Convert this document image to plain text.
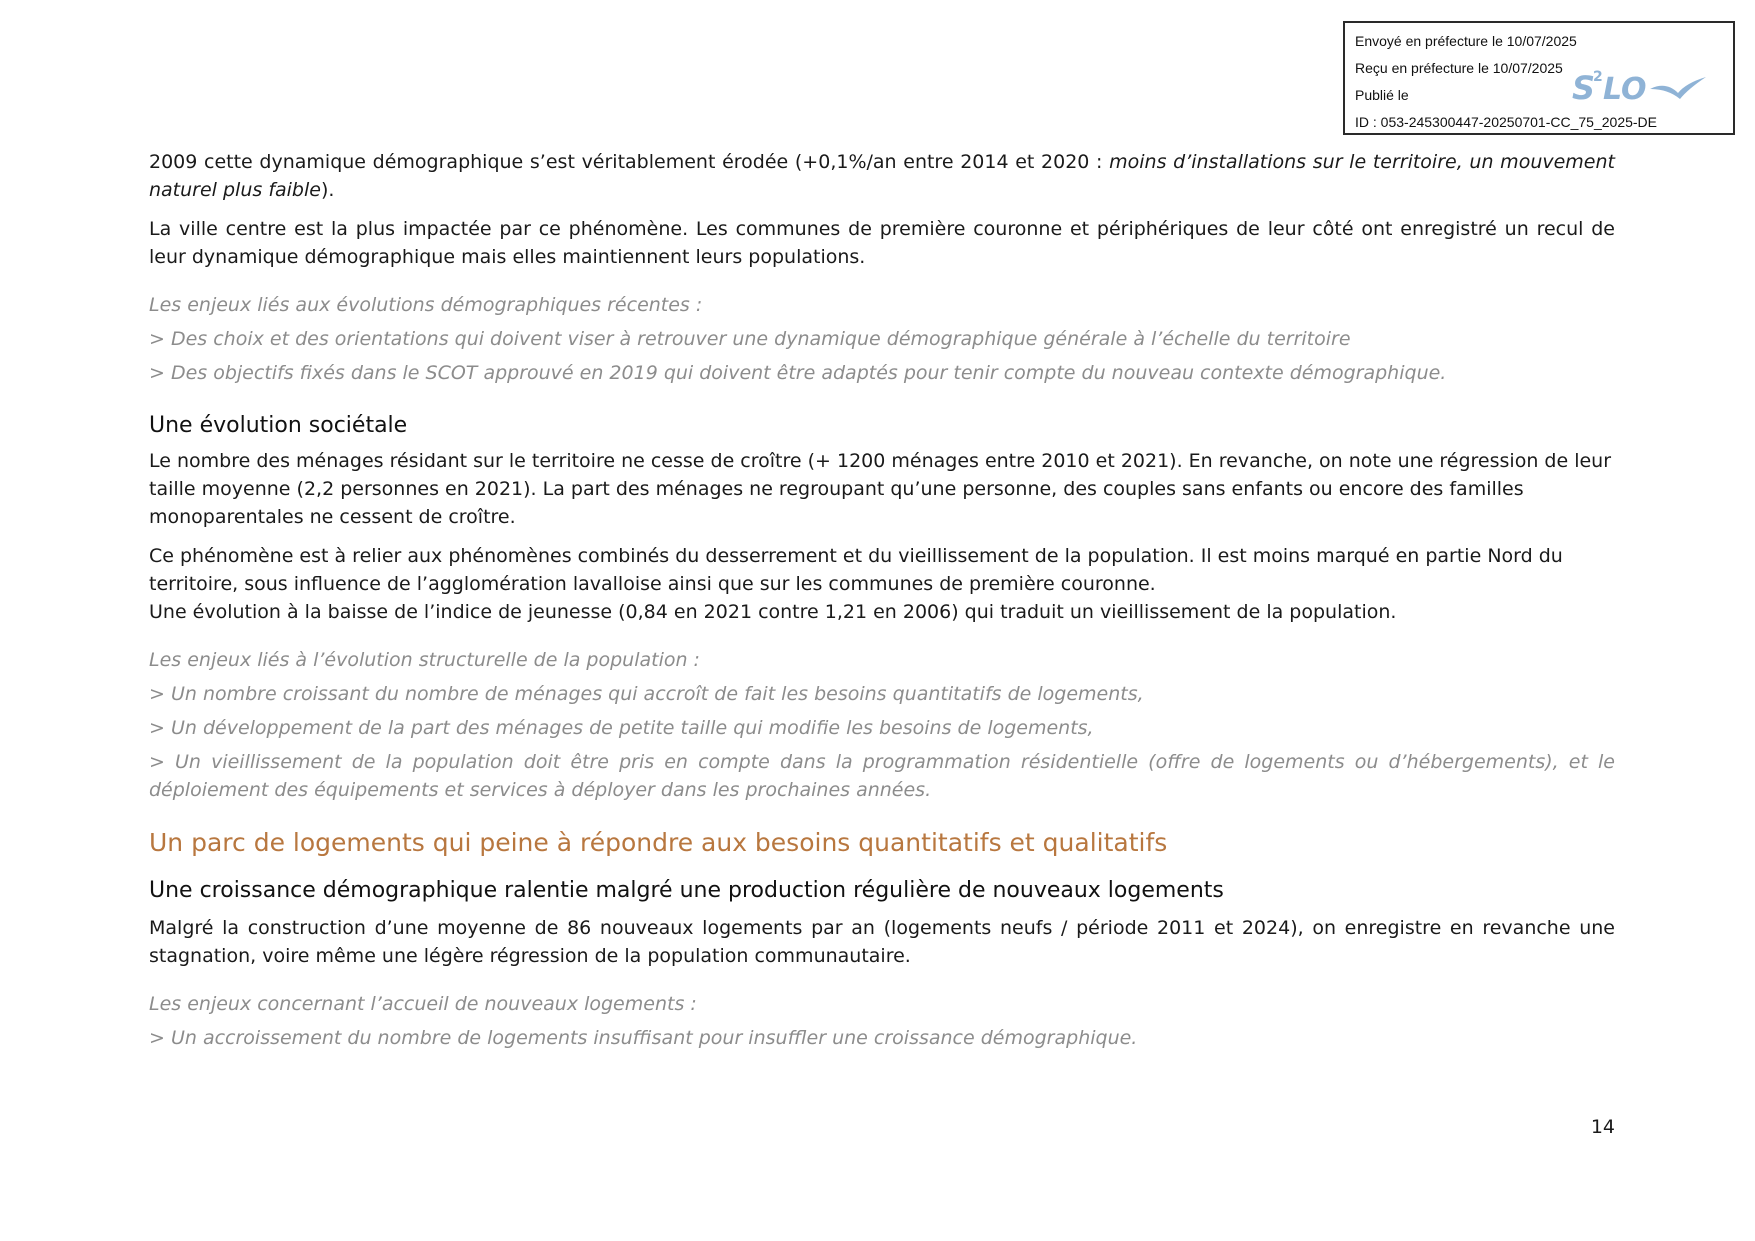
Envoyé en préfecture le 10/07/2025
Reçu en préfecture le 10/07/2025
Publié le
ID : 053-245300447-20250701-CC_75_2025-DE
S
2 LO

2009 cette dynamique démographique s’est véritablement érodée (+0,1%/an entre 2014 et 2020 : moins d’installations sur le territoire, un mouvement naturel plus faible).

La ville centre est la plus impactée par ce phénomène. Les communes de première couronne et périphériques de leur côté ont enregistré un recul de leur dynamique démographique mais elles maintiennent leurs populations.

Les enjeux liés aux évolutions démographiques récentes :

> Des choix et des orientations qui doivent viser à retrouver une dynamique démographique générale à l’échelle du territoire

> Des objectifs fixés dans le SCOT approuvé en 2019 qui doivent être adaptés pour tenir compte du nouveau contexte démographique.

Une évolution sociétale

Le nombre des ménages résidant sur le territoire ne cesse de croître (+ 1200 ménages entre 2010 et 2021). En revanche, on note une régression de leur taille moyenne (2,2 personnes en 2021). La part des ménages ne regroupant qu’une personne, des couples sans enfants ou encore des familles monoparentales ne cessent de croître.

Ce phénomène est à relier aux phénomènes combinés du desserrement et du vieillissement de la population. Il est moins marqué en partie Nord du territoire, sous influence de l’agglomération lavalloise ainsi que sur les communes de première couronne.

Une évolution à la baisse de l’indice de jeunesse (0,84 en 2021 contre 1,21 en 2006) qui traduit un vieillissement de la population.

Les enjeux liés à l’évolution structurelle de la population :

> Un nombre croissant du nombre de ménages qui accroît de fait les besoins quantitatifs de logements,

> Un développement de la part des ménages de petite taille qui modifie les besoins de logements,

> Un vieillissement de la population doit être pris en compte dans la programmation résidentielle (offre de logements ou d’hébergements), et le déploiement des équipements et services à déployer dans les prochaines années.

Un parc de logements qui peine à répondre aux besoins quantitatifs et qualitatifs

Une croissance démographique ralentie malgré une production régulière de nouveaux logements

Malgré la construction d’une moyenne de 86 nouveaux logements par an (logements neufs / période 2011 et 2024), on enregistre en revanche une stagnation, voire même une légère régression de la population communautaire.

Les enjeux concernant l’accueil de nouveaux logements :

> Un accroissement du nombre de logements insuffisant pour insuffler une croissance démographique.

14
